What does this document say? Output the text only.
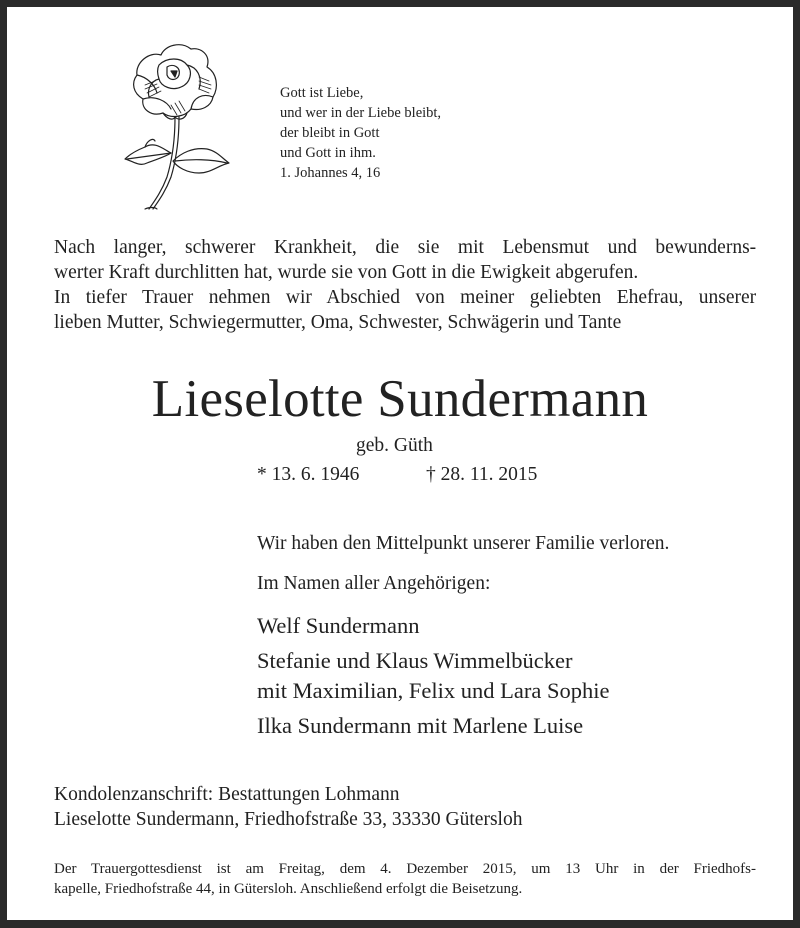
Gott ist Liebe,
und wer in der Liebe bleibt,
der bleibt in Gott
und Gott in ihm.
1. Johannes 4, 16
Nach langer, schwerer Krankheit, die sie mit Lebensmut und bewunderns-
werter Kraft durchlitten hat, wurde sie von Gott in die Ewigkeit abgerufen.
In tiefer Trauer nehmen wir Abschied von meiner geliebten Ehefrau, unserer
lieben Mutter, Schwiegermutter, Oma, Schwester, Schwägerin und Tante
Lieselotte Sundermann
geb. Güth
* 13. 6. 1946	† 28. 11. 2015
Wir haben den Mittelpunkt unserer Familie verloren.
Im Namen aller Angehörigen:
Welf Sundermann
Stefanie und Klaus Wimmelbücker
mit Maximilian, Felix und Lara Sophie
Ilka Sundermann mit Marlene Luise
Kondolenzanschrift: Bestattungen Lohmann
Lieselotte Sundermann, Friedhofstraße 33, 33330 Gütersloh
Der Trauergottesdienst ist am Freitag, dem 4. Dezember 2015, um 13 Uhr in der Friedhofs-
kapelle, Friedhofstraße 44, in Gütersloh. Anschließend erfolgt die Beisetzung.
